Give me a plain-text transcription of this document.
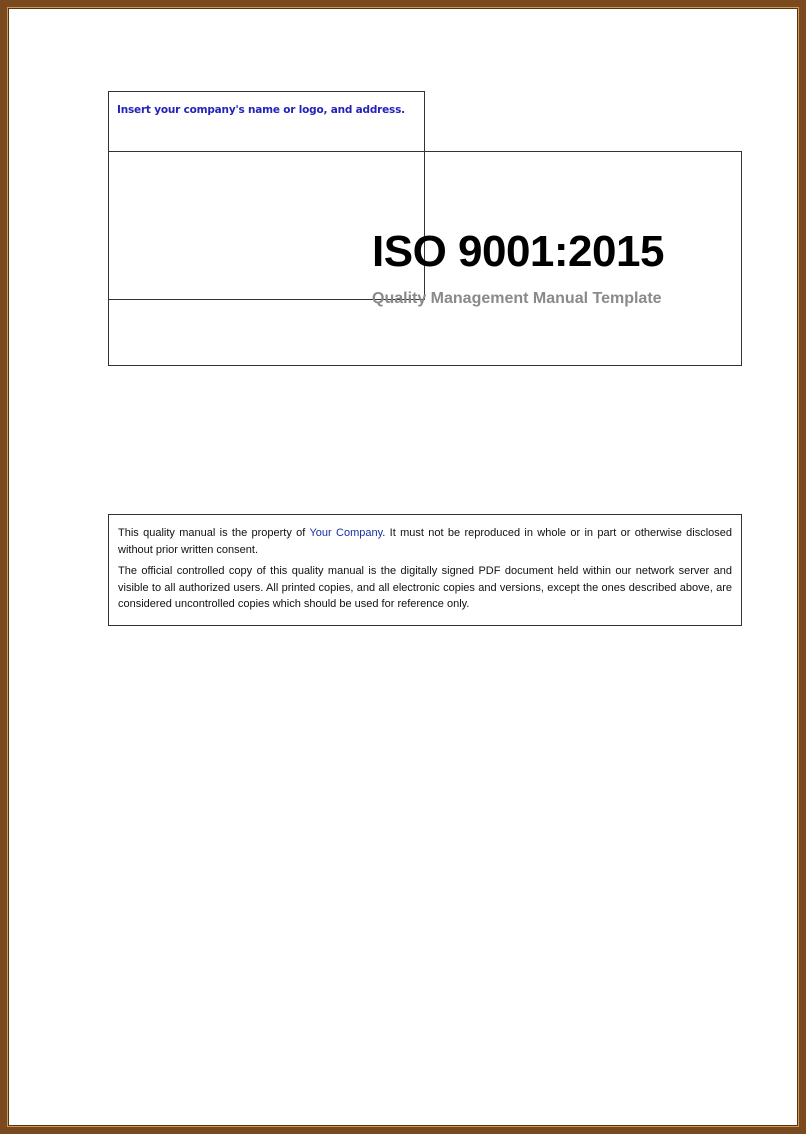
Insert your company's name or logo, and address.
ISO 9001:2015
Quality Management Manual Template

This quality manual is the property of Your Company. It must not be reproduced in whole or in part or otherwise disclosed without prior written consent.

The official controlled copy of this quality manual is the digitally signed PDF document held within our network server and visible to all authorized users. All printed copies, and all electronic copies and versions, except the ones described above, are considered uncontrolled copies which should be used for reference only.
